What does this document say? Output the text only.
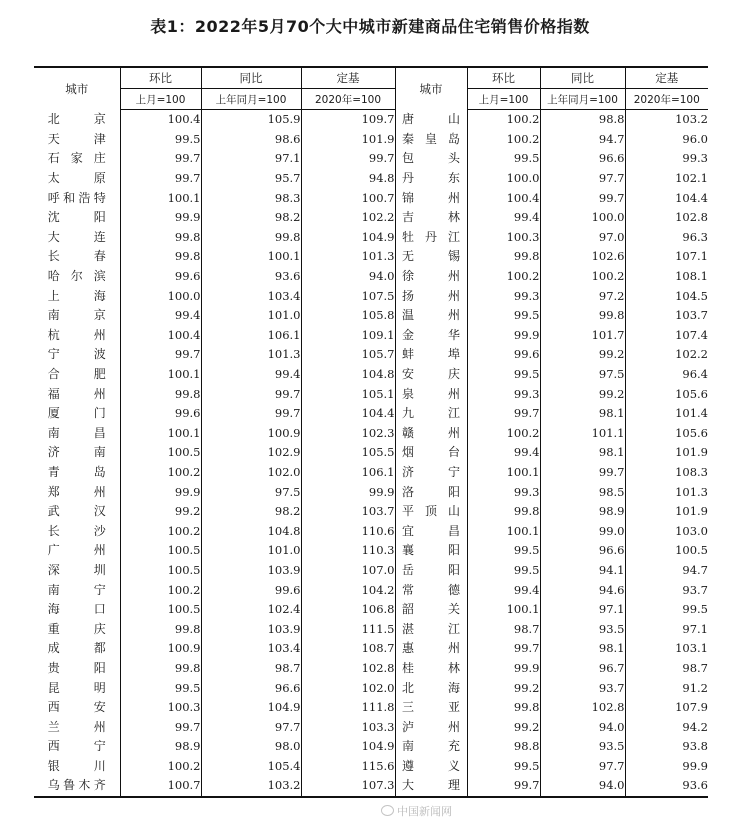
表1：2022年5月70个大中城市新建商品住宅销售价格指数
城市	环比	同比	定基	城市	环比	同比	定基
	上月=100	上年同月=100	2020年=100		上月=100	上年同月=100	2020年=100

北京	100.4	105.9	109.7	唐山	100.2	98.8	103.2

天津	99.5	98.6	101.9	秦皇岛	100.2	94.7	96.0

石家庄	99.7	97.1	99.7	包头	99.5	96.6	99.3

太原	99.7	95.7	94.8	丹东	100.0	97.7	102.1

呼和浩特	100.1	98.3	100.7	锦州	100.4	99.7	104.4

沈阳	99.9	98.2	102.2	吉林	99.4	100.0	102.8

大连	99.8	99.8	104.9	牡丹江	100.3	97.0	96.3

长春	99.8	100.1	101.3	无锡	99.8	102.6	107.1

哈尔滨	99.6	93.6	94.0	徐州	100.2	100.2	108.1

上海	100.0	103.4	107.5	扬州	99.3	97.2	104.5

南京	99.4	101.0	105.8	温州	99.5	99.8	103.7

杭州	100.4	106.1	109.1	金华	99.9	101.7	107.4

宁波	99.7	101.3	105.7	蚌埠	99.6	99.2	102.2

合肥	100.1	99.4	104.8	安庆	99.5	97.5	96.4

福州	99.8	99.7	105.1	泉州	99.3	99.2	105.6

厦门	99.6	99.7	104.4	九江	99.7	98.1	101.4

南昌	100.1	100.9	102.3	赣州	100.2	101.1	105.6

济南	100.5	102.9	105.5	烟台	99.4	98.1	101.9

青岛	100.2	102.0	106.1	济宁	100.1	99.7	108.3

郑州	99.9	97.5	99.9	洛阳	99.3	98.5	101.3

武汉	99.2	98.2	103.7	平顶山	99.8	98.9	101.9

长沙	100.2	104.8	110.6	宜昌	100.1	99.0	103.0

广州	100.5	101.0	110.3	襄阳	99.5	96.6	100.5

深圳	100.5	103.9	107.0	岳阳	99.5	94.1	94.7

南宁	100.2	99.6	104.2	常德	99.4	94.6	93.7

海口	100.5	102.4	106.8	韶关	100.1	97.1	99.5

重庆	99.8	103.9	111.5	湛江	98.7	93.5	97.1

成都	100.9	103.4	108.7	惠州	99.7	98.1	103.1

贵阳	99.8	98.7	102.8	桂林	99.9	96.7	98.7

昆明	99.5	96.6	102.0	北海	99.2	93.7	91.2

西安	100.3	104.9	111.8	三亚	99.8	102.8	107.9

兰州	99.7	97.7	103.3	泸州	99.2	94.0	94.2

西宁	98.9	98.0	104.9	南充	98.8	93.5	93.8

银川	100.2	105.4	115.6	遵义	99.5	97.7	99.9

乌鲁木齐	100.7	103.2	107.3	大理	99.7	94.0	93.6
中国新闻网
